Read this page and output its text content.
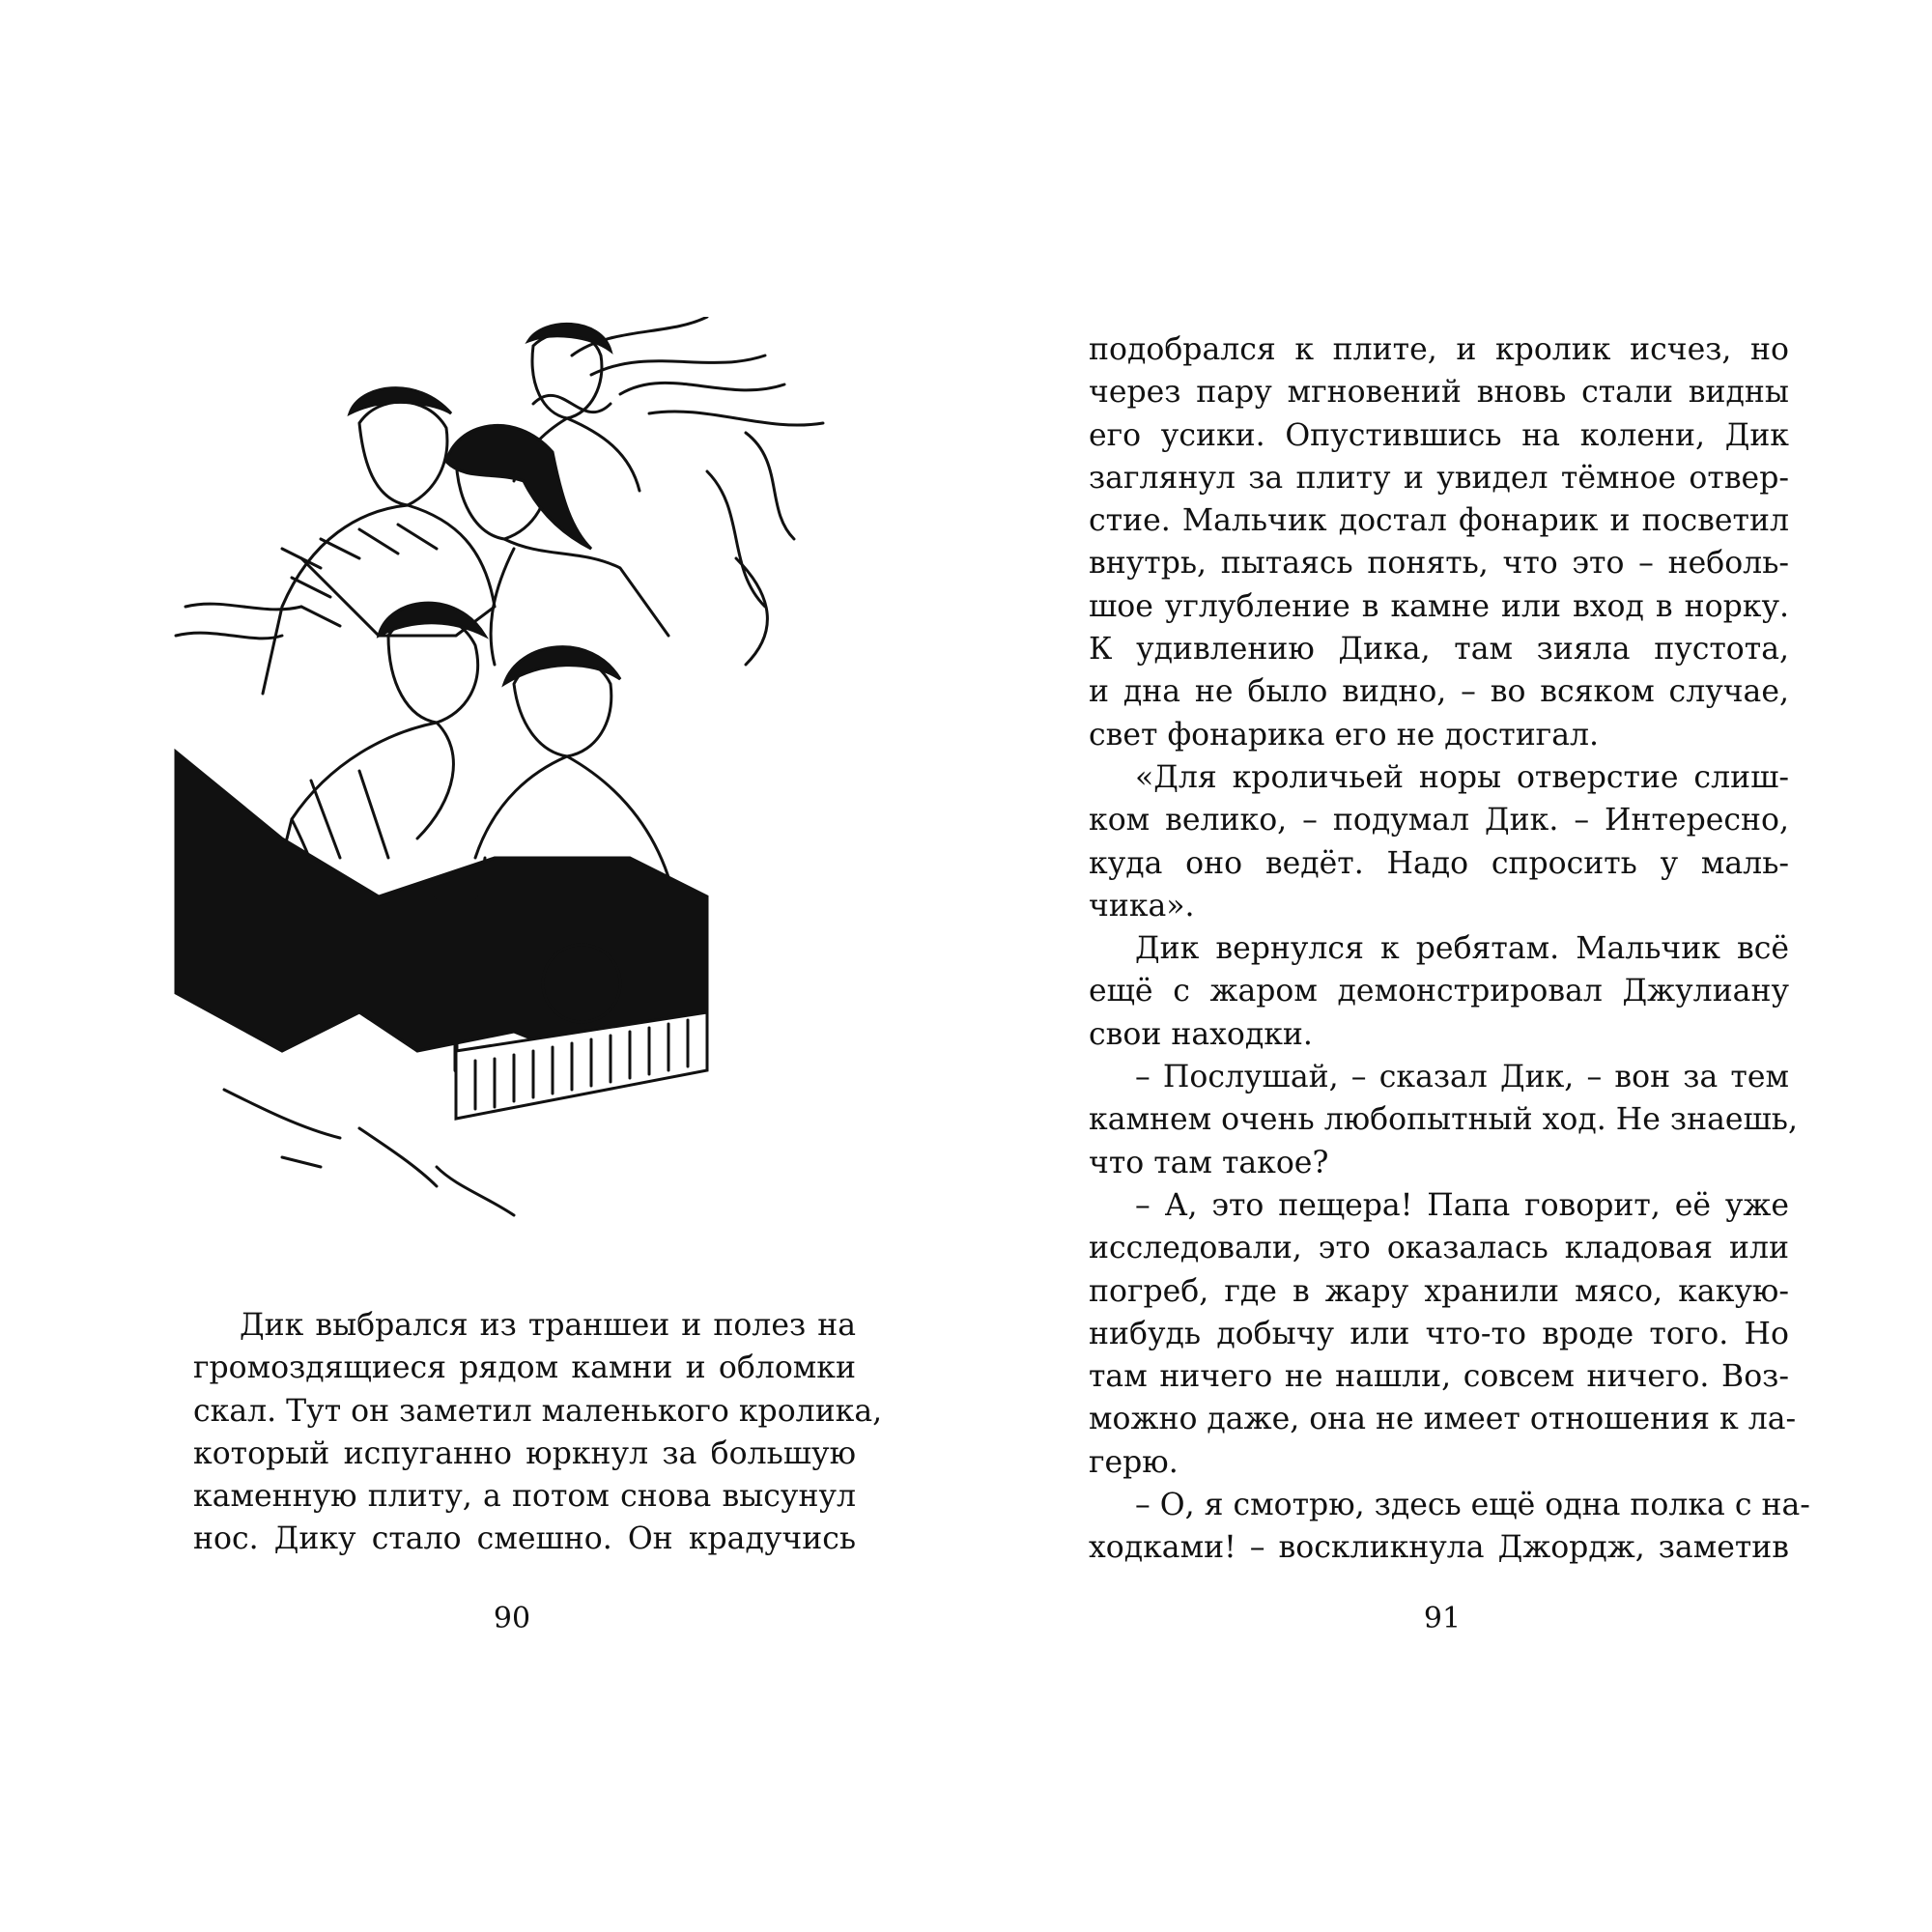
Дик выбрался из траншеи и полез на
громоздящиеся рядом камни и обломки
скал. Тут он заметил маленького кролика,
который испуганно юркнул за большую
каменную плиту, а потом снова высунул
нос. Дику стало смешно. Он крадучись
90
подобрался к плите, и кролик исчез, но
через пару мгновений вновь стали видны
его усики. Опустившись на колени, Дик
заглянул за плиту и увидел тёмное отвер-
стие. Мальчик достал фонарик и посветил
внутрь, пытаясь понять, что это – неболь-
шое углубление в камне или вход в норку.
К удивлению Дика, там зияла пустота,
и дна не было видно, – во всяком случае,
свет фонарика его не достигал.
«Для кроличьей норы отверстие слиш-
ком велико, – подумал Дик. – Интересно,
куда оно ведёт. Надо спросить у маль-
чика».
Дик вернулся к ребятам. Мальчик всё
ещё с жаром демонстрировал Джулиану
свои находки.
– Послушай, – сказал Дик, – вон за тем
камнем очень любопытный ход. Не знаешь,
что там такое?
– А, это пещера! Папа говорит, её уже
исследовали, это оказалась кладовая или
погреб, где в жару хранили мясо, какую-
нибудь добычу или что-то вроде того. Но
там ничего не нашли, совсем ничего. Воз-
можно даже, она не имеет отношения к ла-
герю.
– О, я смотрю, здесь ещё одна полка с на-
ходками! – воскликнула Джордж, заметив
91
